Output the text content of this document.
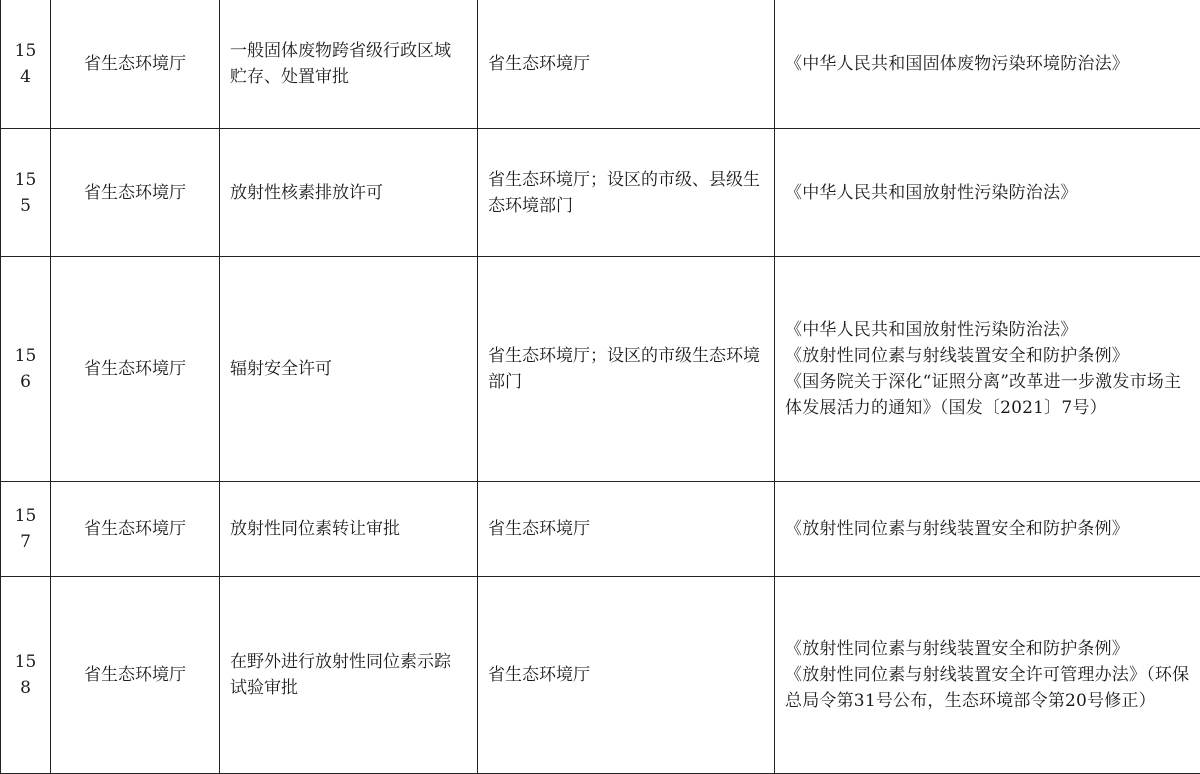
154	省生态环境厅	一般固体废物跨省级行政区域贮存、处置审批	省生态环境厅	《中华人民共和国固体废物污染环境防治法》

155	省生态环境厅	放射性核素排放许可	省生态环境厅；设区的市级、县级生态环境部门	《中华人民共和国放射性污染防治法》

156	省生态环境厅	辐射安全许可	省生态环境厅；设区的市级生态环境部门	《中华人民共和国放射性污染防治法》
《放射性同位素与射线装置安全和防护条例》
《国务院关于深化“证照分离”改革进一步激发市场主体发展活力的通知》（国发〔2021〕7号）

157	省生态环境厅	放射性同位素转让审批	省生态环境厅	《放射性同位素与射线装置安全和防护条例》

158	省生态环境厅	在野外进行放射性同位素示踪试验审批	省生态环境厅	《放射性同位素与射线装置安全和防护条例》
《放射性同位素与射线装置安全许可管理办法》（环保总局令第31号公布，生态环境部令第20号修正）
